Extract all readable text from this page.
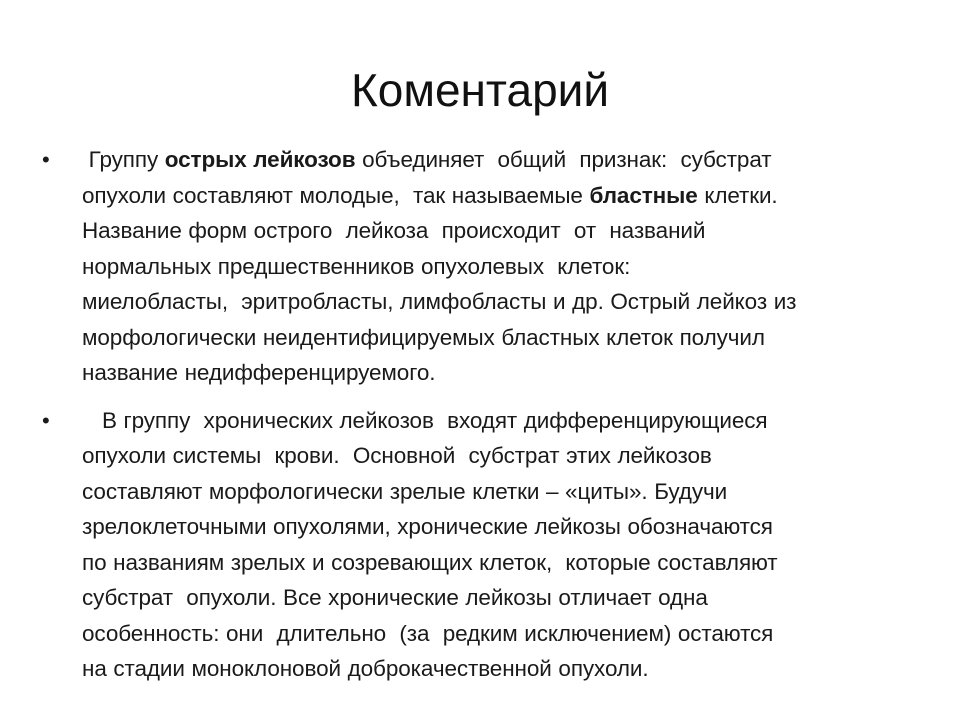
Коментарий
• Группу острых лейкозов объединяет  общий  признак:  субстрат
опухоли составляют молодые,  так называемые бластные клетки.
Название форм острого  лейкоза  происходит  от  названий
нормальных предшественников опухолевых  клеток:
миелобласты,  эритробласты, лимфобласты и др. Острый лейкоз из
морфологически неидентифицируемых бластных клеток получил
название недифференцируемого.
• В группу  хронических лейкозов  входят дифференцирующиеся
опухоли системы  крови.  Основной  субстрат этих лейкозов
составляют морфологически зрелые клетки – «циты». Будучи
зрелоклеточными опухолями, хронические лейкозы обозначаются
по названиям зрелых и созревающих клеток,  которые составляют
субстрат  опухоли. Все хронические лейкозы отличает одна
особенность: они  длительно  (за  редким исключением) остаются
на стадии моноклоновой доброкачественной опухоли.
